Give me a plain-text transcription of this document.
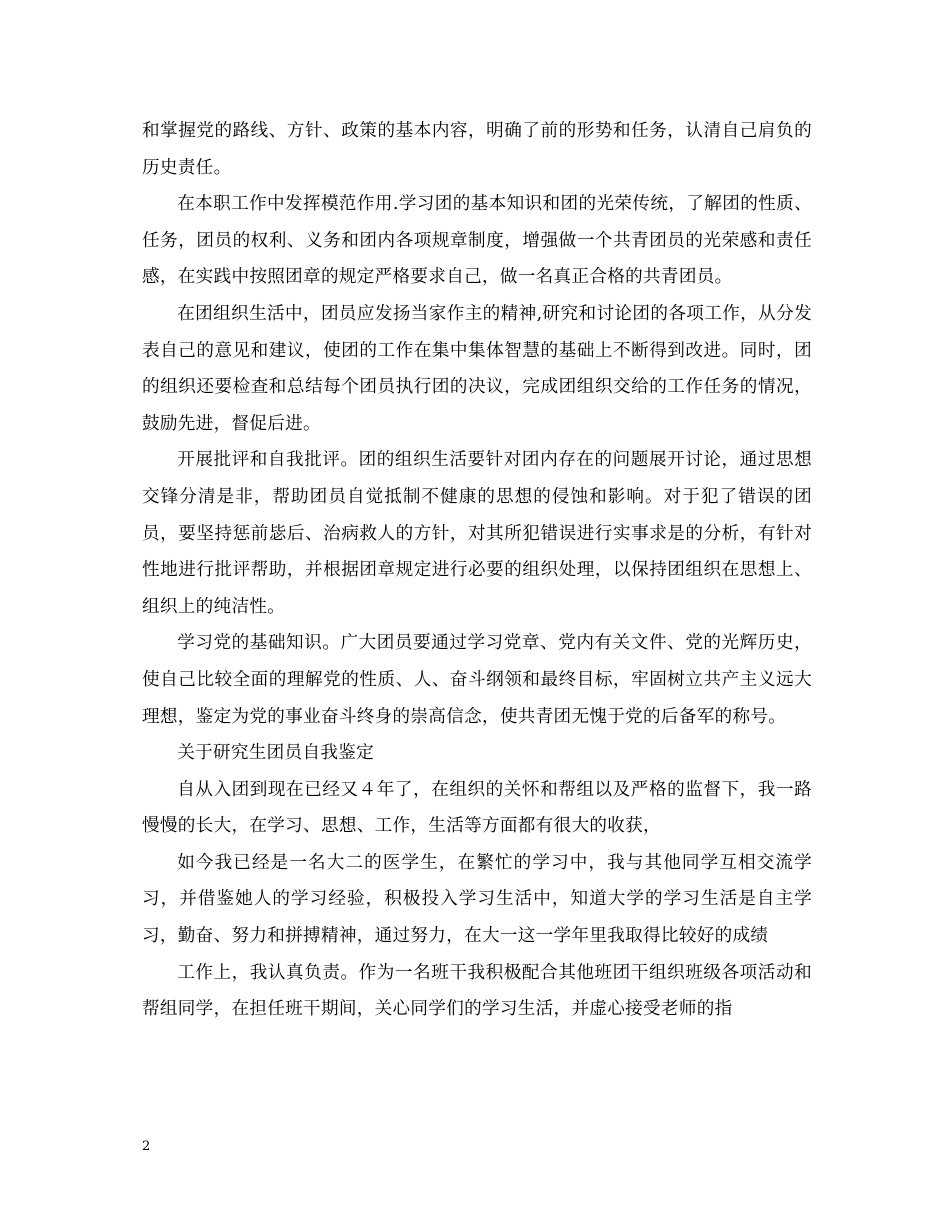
和掌握党的路线、方针、政策的基本内容，明确了前的形势和任务，认清自己肩负的历史责任。

在本职工作中发挥模范作用.学习团的基本知识和团的光荣传统，了解团的性质、任务，团员的权利、义务和团内各项规章制度，增强做一个共青团员的光荣感和责任感，在实践中按照团章的规定严格要求自己，做一名真正合格的共青团员。

在团组织生活中，团员应发扬当家作主的精神,研究和讨论团的各项工作，从分发表自己的意见和建议，使团的工作在集中集体智慧的基础上不断得到改进。同时，团的组织还要检查和总结每个团员执行团的决议，完成团组织交给的工作任务的情况，鼓励先进，督促后进。

开展批评和自我批评。团的组织生活要针对团内存在的问题展开讨论，通过思想交锋分清是非，帮助团员自觉抵制不健康的思想的侵蚀和影响。对于犯了错误的团员，要坚持惩前毖后、治病救人的方针，对其所犯错误进行实事求是的分析，有针对性地进行批评帮助，并根据团章规定进行必要的组织处理，以保持团组织在思想上、组织上的纯洁性。

学习党的基础知识。广大团员要通过学习党章、党内有关文件、党的光辉历史，使自己比较全面的理解党的性质、人、奋斗纲领和最终目标，牢固树立共产主义远大理想，鉴定为党的事业奋斗终身的崇高信念，使共青团无愧于党的后备军的称号。

关于研究生团员自我鉴定

自从入团到现在已经又４年了，在组织的关怀和帮组以及严格的监督下，我一路慢慢的长大，在学习、思想、工作，生活等方面都有很大的收获，

如今我已经是一名大二的医学生，在繁忙的学习中，我与其他同学互相交流学习，并借鉴她人的学习经验，积极投入学习生活中，知道大学的学习生活是自主学习，勤奋、努力和拼搏精神，通过努力，在大一这一学年里我取得比较好的成绩

工作上，我认真负责。作为一名班干我积极配合其他班团干组织班级各项活动和帮组同学，在担任班干期间，关心同学们的学习生活，并虚心接受老师的指

2
